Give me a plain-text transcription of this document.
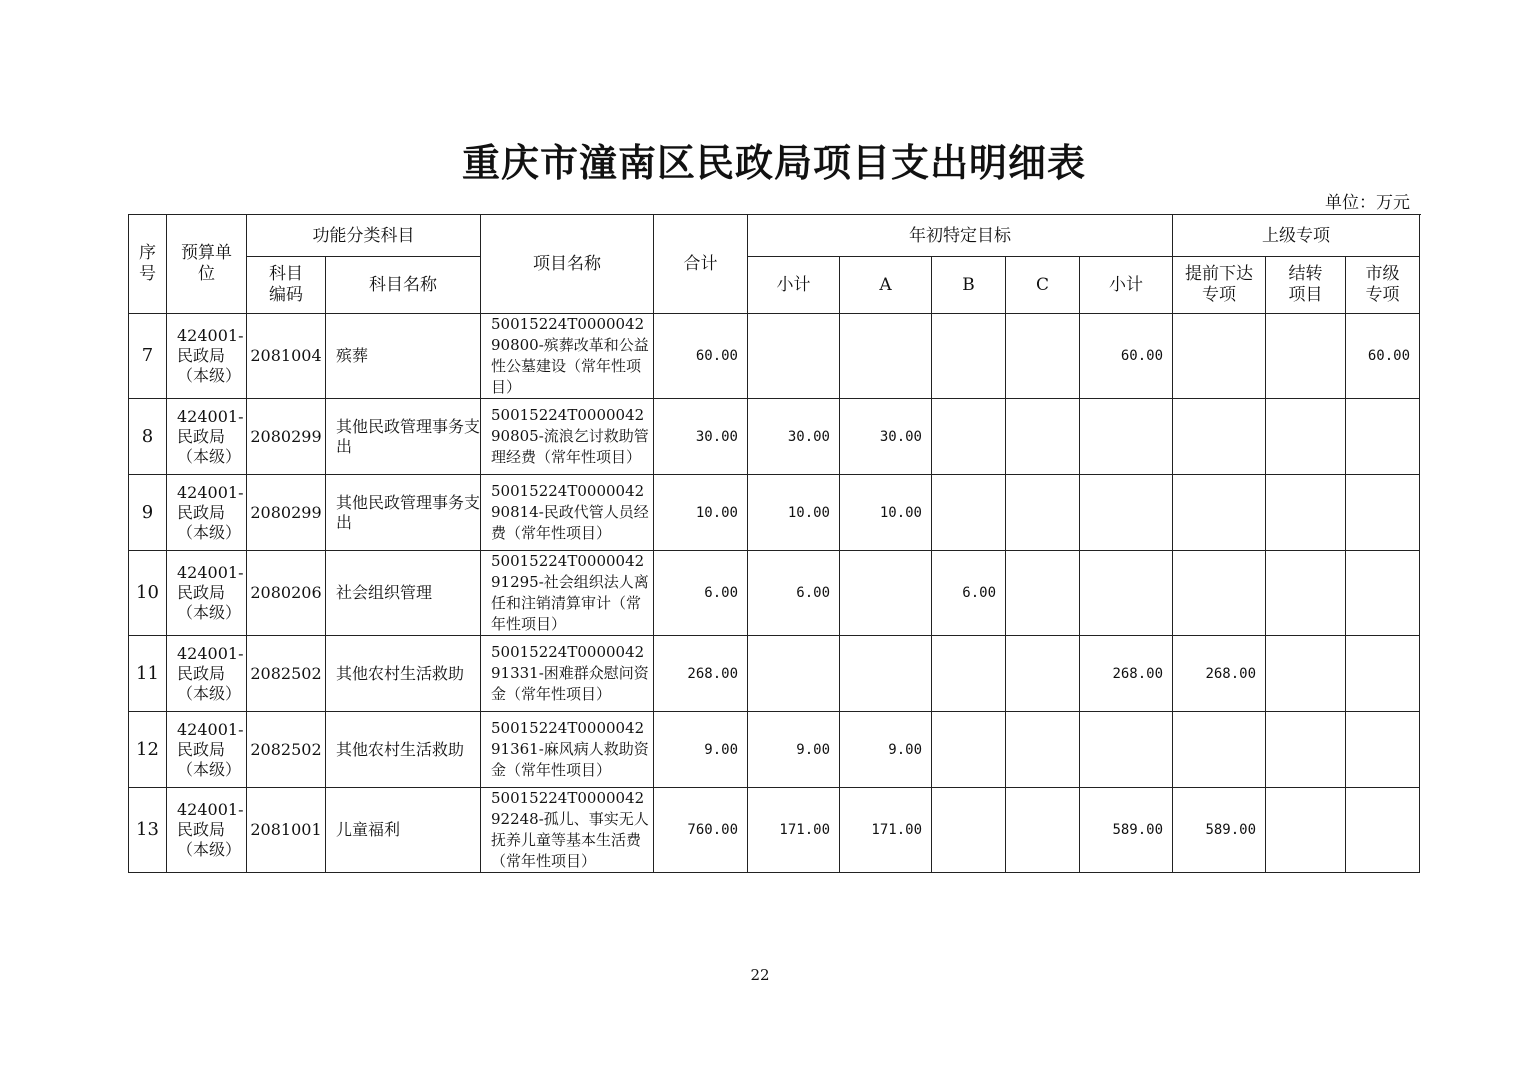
重庆市潼南区民政局项目支出明细表
单位：万元
序号	预算单位	功能分类科目		项目名称	合计	年初特定目标					上级专项		
		科目编码	科目名称			小计	A	B	C	小计	提前下达专项	结转项目	市级专项
7	424001-民政局（本级）	2081004	殡葬	50015224T000004290800-殡葬改革和公益性公墓建设（常年性项目）	60.00					60.00			60.00
8	424001-民政局（本级）	2080299	其他民政管理事务支出	50015224T000004290805-流浪乞讨救助管理经费（常年性项目）	30.00	30.00	30.00						
9	424001-民政局（本级）	2080299	其他民政管理事务支出	50015224T000004290814-民政代管人员经费（常年性项目）	10.00	10.00	10.00						
10	424001-民政局（本级）	2080206	社会组织管理	50015224T000004291295-社会组织法人离任和注销清算审计（常年性项目）	6.00	6.00		6.00					
11	424001-民政局（本级）	2082502	其他农村生活救助	50015224T000004291331-困难群众慰问资金（常年性项目）	268.00					268.00	268.00		
12	424001-民政局（本级）	2082502	其他农村生活救助	50015224T000004291361-麻风病人救助资金（常年性项目）	9.00	9.00	9.00						
13	424001-民政局（本级）	2081001	儿童福利	50015224T000004292248-孤儿、事实无人抚养儿童等基本生活费（常年性项目）	760.00	171.00	171.00			589.00	589.00		
22
